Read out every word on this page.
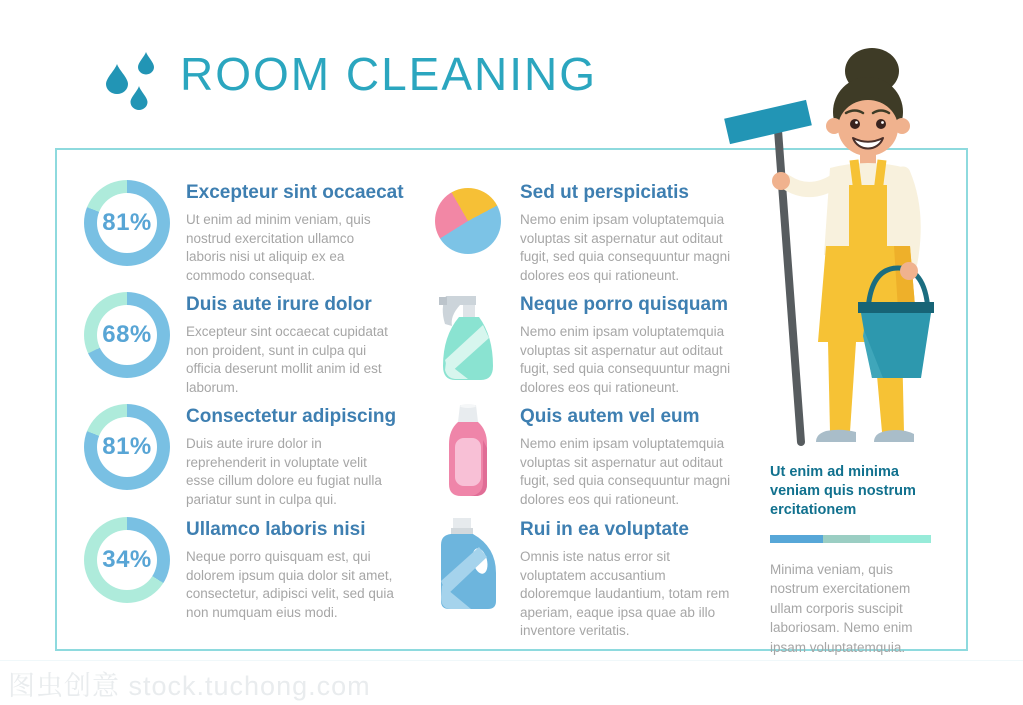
ROOM CLEANING
81%
Excepteur sint occaecat

Ut enim ad minim veniam, quis nostrud exercitation ullamco laboris nisi ut aliquip ex ea commodo consequat.

68%
Duis aute irure dolor

Excepteur sint occaecat cupidatat non proident, sunt in culpa qui officia deserunt mollit anim id est laborum.

81%
Consectetur adipiscing

Duis aute irure dolor in reprehenderit in voluptate velit esse cillum dolore eu fugiat nulla pariatur sunt in culpa qui.

34%
Ullamco laboris nisi

Neque porro quisquam est, qui dolorem ipsum quia dolor sit amet, consectetur, adipisci velit, sed quia non numquam eius modi.

Sed ut perspiciatis

Nemo enim ipsam voluptatemquia voluptas sit aspernatur aut oditaut fugit, sed quia consequuntur magni dolores eos qui rationeunt.

Neque porro quisquam

Nemo enim ipsam voluptatemquia voluptas sit aspernatur aut oditaut fugit, sed quia consequuntur magni dolores eos qui rationeunt.

Quis autem vel eum

Nemo enim ipsam voluptatemquia voluptas sit aspernatur aut oditaut fugit, sed quia consequuntur magni dolores eos qui rationeunt.

Rui in ea voluptate

Omnis iste natus error sit voluptatem accusantium doloremque laudantium, totam rem aperiam, eaque ipsa quae ab illo inventore veritatis.

Ut enim ad minima veniam quis nostrum ercitationem

Minima veniam, quis nostrum exercitationem ullam corporis suscipit laboriosam. Nemo enim ipsam voluptatemquia.

图虫创意 stock.tuchong.com
